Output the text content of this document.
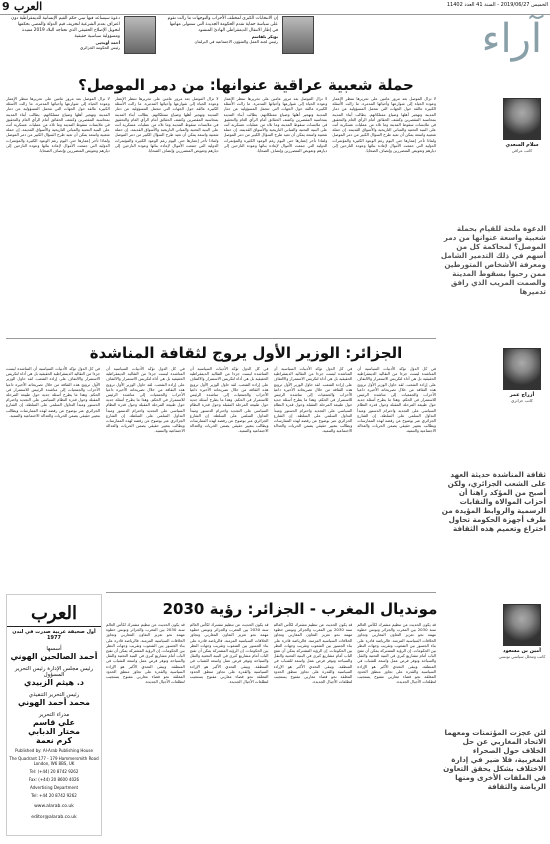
9 العرب	الخميس 2019/06/27 - السنة 41 العدد 11402
دعوة سيساعد فيها تبني حكم القيم الإنسانية للديمقراطية دون اعتراف بعدم الشرعية لتحريف قيم الدولة والمضي بحكمها لتحويل الإصلاح الحقيقي الذي تحتاجه البلاد 2019 مفيدة ومسؤولية سياسية حقيقية
أحمد أويحيى
رئيس الحكومة الجزائري
إن الانتخابات الكبرى لمختلف الأحزاب والتوجهات ما زالت تقوم على سياسة حماية تقدم الحكومة الجديدة التي ستتولى مهامها في إطار الانتقال الديمقراطي الهادئ المنشود
بوبكر بلقاسم
رئيس لجنة العمل والشؤون الاجتماعية في البرلمان	آراء
حملة شعبية عراقية عنوانها: من دمر الموصل؟
سلام السعدي
كاتب عراقي
الدعوة ملحة للقيام بحملة شعبية واسعة عنوانها من دمر الموصل؟ لمحاكمة كل من أسهم في ذلك التدمير الشامل ومعرفة الأشخاص المتورطين ممن رحبوا بسقوط المدينة والصمت المريب الذي رافق تدميرها
لا تزال الموصل بعد مرور عامين على تحريرها تنتظر الإعمار وعودة الحياة إلى شوارعها وأحيائها المدمرة. ما زالت الأسئلة الكبيرة عالقة حول الجهات التي تتحمل المسؤولية عن دمار المدينة وتهجير أهلها وضياع ممتلكاتهم. يطالب أبناء المدينة بمحاسبة المقصرين وكشف الحقائق أمام الرأي العام والتحقيق في ملابسات سقوط المدينة وما تلاه من عمليات عسكرية أتت على البنية التحتية والمباني التاريخية والأسواق القديمة. إن حملة شعبية واسعة يمكن أن تعيد طرح السؤال الكبير من دمر الموصل ولماذا تأخر إعمارها حتى اليوم رغم الوعود الكثيرة والمؤتمرات الدولية التي جمعت الأموال لإعادة بنائها وعودة النازحين إلى ديارهم وتعويض المتضررين وإنصاف الضحايا.
لا تزال الموصل بعد مرور عامين على تحريرها تنتظر الإعمار وعودة الحياة إلى شوارعها وأحيائها المدمرة. ما زالت الأسئلة الكبيرة عالقة حول الجهات التي تتحمل المسؤولية عن دمار المدينة وتهجير أهلها وضياع ممتلكاتهم. يطالب أبناء المدينة بمحاسبة المقصرين وكشف الحقائق أمام الرأي العام والتحقيق في ملابسات سقوط المدينة وما تلاه من عمليات عسكرية أتت على البنية التحتية والمباني التاريخية والأسواق القديمة. إن حملة شعبية واسعة يمكن أن تعيد طرح السؤال الكبير من دمر الموصل ولماذا تأخر إعمارها حتى اليوم رغم الوعود الكثيرة والمؤتمرات الدولية التي جمعت الأموال لإعادة بنائها وعودة النازحين إلى ديارهم وتعويض المتضررين وإنصاف الضحايا.
لا تزال الموصل بعد مرور عامين على تحريرها تنتظر الإعمار وعودة الحياة إلى شوارعها وأحيائها المدمرة. ما زالت الأسئلة الكبيرة عالقة حول الجهات التي تتحمل المسؤولية عن دمار المدينة وتهجير أهلها وضياع ممتلكاتهم. يطالب أبناء المدينة بمحاسبة المقصرين وكشف الحقائق أمام الرأي العام والتحقيق في ملابسات سقوط المدينة وما تلاه من عمليات عسكرية أتت على البنية التحتية والمباني التاريخية والأسواق القديمة. إن حملة شعبية واسعة يمكن أن تعيد طرح السؤال الكبير من دمر الموصل ولماذا تأخر إعمارها حتى اليوم رغم الوعود الكثيرة والمؤتمرات الدولية التي جمعت الأموال لإعادة بنائها وعودة النازحين إلى ديارهم وتعويض المتضررين وإنصاف الضحايا.
لا تزال الموصل بعد مرور عامين على تحريرها تنتظر الإعمار وعودة الحياة إلى شوارعها وأحيائها المدمرة. ما زالت الأسئلة الكبيرة عالقة حول الجهات التي تتحمل المسؤولية عن دمار المدينة وتهجير أهلها وضياع ممتلكاتهم. يطالب أبناء المدينة بمحاسبة المقصرين وكشف الحقائق أمام الرأي العام والتحقيق في ملابسات سقوط المدينة وما تلاه من عمليات عسكرية أتت على البنية التحتية والمباني التاريخية والأسواق القديمة. إن حملة شعبية واسعة يمكن أن تعيد طرح السؤال الكبير من دمر الموصل ولماذا تأخر إعمارها حتى اليوم رغم الوعود الكثيرة والمؤتمرات الدولية التي جمعت الأموال لإعادة بنائها وعودة النازحين إلى ديارهم وتعويض المتضررين وإنصاف الضحايا.
الجزائر: الوزير الأول يروج لثقافة المناشدة
أزراج عمر
كاتب جزائري
ثقافة المناشدة حديثة العهد على الشعب الجزائري، ولكن أصبح من المؤكد راهنا أن أحزاب الموالاة والنقابات الرسمية والروابط المؤيدة من طرف أجهزة الحكومة تحاول اختراع وتعميم هذه الثقافة
في كل الدول تؤكد الأدبيات السياسية أن المناشدة ليست جزءا من التقاليد الديمقراطية الحقيقية بل هي أداة لتكريس الاستمرار والالتفاف على إرادة الشعب. لقد حاول الوزير الأول ترويج هذه الثقافة من خلال تصريحاته الأخيرة داعيا الأحزاب والجمعيات إلى مناشدة الرئيس للاستمرار في الحكم. وهذا ما يطرح أسئلة جدية حول طبيعة المرحلة المقبلة وحول قدرة النظام السياسي على التجديد واحترام الدستور ومبدأ التداول السلمي على السلطة. إن الشارع الجزائري عبر بوضوح عن رفضه لهذه الممارسات ويطالب بتغيير حقيقي يضمن الحريات والعدالة الاجتماعية والتنمية.
في كل الدول تؤكد الأدبيات السياسية أن المناشدة ليست جزءا من التقاليد الديمقراطية الحقيقية بل هي أداة لتكريس الاستمرار والالتفاف على إرادة الشعب. لقد حاول الوزير الأول ترويج هذه الثقافة من خلال تصريحاته الأخيرة داعيا الأحزاب والجمعيات إلى مناشدة الرئيس للاستمرار في الحكم. وهذا ما يطرح أسئلة جدية حول طبيعة المرحلة المقبلة وحول قدرة النظام السياسي على التجديد واحترام الدستور ومبدأ التداول السلمي على السلطة. إن الشارع الجزائري عبر بوضوح عن رفضه لهذه الممارسات ويطالب بتغيير حقيقي يضمن الحريات والعدالة الاجتماعية والتنمية.
في كل الدول تؤكد الأدبيات السياسية أن المناشدة ليست جزءا من التقاليد الديمقراطية الحقيقية بل هي أداة لتكريس الاستمرار والالتفاف على إرادة الشعب. لقد حاول الوزير الأول ترويج هذه الثقافة من خلال تصريحاته الأخيرة داعيا الأحزاب والجمعيات إلى مناشدة الرئيس للاستمرار في الحكم. وهذا ما يطرح أسئلة جدية حول طبيعة المرحلة المقبلة وحول قدرة النظام السياسي على التجديد واحترام الدستور ومبدأ التداول السلمي على السلطة. إن الشارع الجزائري عبر بوضوح عن رفضه لهذه الممارسات ويطالب بتغيير حقيقي يضمن الحريات والعدالة الاجتماعية والتنمية.
في كل الدول تؤكد الأدبيات السياسية أن المناشدة ليست جزءا من التقاليد الديمقراطية الحقيقية بل هي أداة لتكريس الاستمرار والالتفاف على إرادة الشعب. لقد حاول الوزير الأول ترويج هذه الثقافة من خلال تصريحاته الأخيرة داعيا الأحزاب والجمعيات إلى مناشدة الرئيس للاستمرار في الحكم. وهذا ما يطرح أسئلة جدية حول طبيعة المرحلة المقبلة وحول قدرة النظام السياسي على التجديد واحترام الدستور ومبدأ التداول السلمي على السلطة. إن الشارع الجزائري عبر بوضوح عن رفضه لهذه الممارسات ويطالب بتغيير حقيقي يضمن الحريات والعدالة الاجتماعية والتنمية.
في كل الدول تؤكد الأدبيات السياسية أن المناشدة ليست جزءا من التقاليد الديمقراطية الحقيقية بل هي أداة لتكريس الاستمرار والالتفاف على إرادة الشعب. لقد حاول الوزير الأول ترويج هذه الثقافة من خلال تصريحاته الأخيرة داعيا الأحزاب والجمعيات إلى مناشدة الرئيس للاستمرار في الحكم. وهذا ما يطرح أسئلة جدية حول طبيعة المرحلة المقبلة وحول قدرة النظام السياسي على التجديد واحترام الدستور ومبدأ التداول السلمي على السلطة. إن الشارع الجزائري عبر بوضوح عن رفضه لهذه الممارسات ويطالب بتغيير حقيقي يضمن الحريات والعدالة الاجتماعية والتنمية.
مونديال المغرب - الجزائر: رؤية 2030
أمين بن مسعود
كاتب ومحلل سياسي تونسي
لئن عجزت المؤتمنات ومعهما الاتحاد المغاربي عن حل الخلاف حول الصحراء المغربية، فلا ضير في إدارة الاختلاف بشكل يحقق التعاون في الملفات الأخرى ومنها الرياضة والثقافة
قد يكون الحديث عن تنظيم مشترك لكأس العالم سنة 2030 بين المغرب والجزائر وتونس خطوة مهمة نحو تعزيز التعاون المغاربي وتجاوز الخلافات السياسية المزمنة. فالرياضة قادرة على بناء الجسور بين الشعوب وتقريب وجهات النظر بين الحكومات. إن الرؤية المشتركة يمكن أن تفتح الباب أمام مشاريع كبرى في البنية التحتية والنقل والسياحة وتوفر فرص عمل واسعة للشباب في المنطقة. ويبقى التحدي الأكبر هو الإرادة السياسية والقدرة على تجاوز منطق الحدود المغلقة نحو فضاء مغاربي مفتوح يستجيب لتطلعات الأجيال الجديدة.
قد يكون الحديث عن تنظيم مشترك لكأس العالم سنة 2030 بين المغرب والجزائر وتونس خطوة مهمة نحو تعزيز التعاون المغاربي وتجاوز الخلافات السياسية المزمنة. فالرياضة قادرة على بناء الجسور بين الشعوب وتقريب وجهات النظر بين الحكومات. إن الرؤية المشتركة يمكن أن تفتح الباب أمام مشاريع كبرى في البنية التحتية والنقل والسياحة وتوفر فرص عمل واسعة للشباب في المنطقة. ويبقى التحدي الأكبر هو الإرادة السياسية والقدرة على تجاوز منطق الحدود المغلقة نحو فضاء مغاربي مفتوح يستجيب لتطلعات الأجيال الجديدة.
قد يكون الحديث عن تنظيم مشترك لكأس العالم سنة 2030 بين المغرب والجزائر وتونس خطوة مهمة نحو تعزيز التعاون المغاربي وتجاوز الخلافات السياسية المزمنة. فالرياضة قادرة على بناء الجسور بين الشعوب وتقريب وجهات النظر بين الحكومات. إن الرؤية المشتركة يمكن أن تفتح الباب أمام مشاريع كبرى في البنية التحتية والنقل والسياحة وتوفر فرص عمل واسعة للشباب في المنطقة. ويبقى التحدي الأكبر هو الإرادة السياسية والقدرة على تجاوز منطق الحدود المغلقة نحو فضاء مغاربي مفتوح يستجيب لتطلعات الأجيال الجديدة.
قد يكون الحديث عن تنظيم مشترك لكأس العالم سنة 2030 بين المغرب والجزائر وتونس خطوة مهمة نحو تعزيز التعاون المغاربي وتجاوز الخلافات السياسية المزمنة. فالرياضة قادرة على بناء الجسور بين الشعوب وتقريب وجهات النظر بين الحكومات. إن الرؤية المشتركة يمكن أن تفتح الباب أمام مشاريع كبرى في البنية التحتية والنقل والسياحة وتوفر فرص عمل واسعة للشباب في المنطقة. ويبقى التحدي الأكبر هو الإرادة السياسية والقدرة على تجاوز منطق الحدود المغلقة نحو فضاء مغاربي مفتوح يستجيب لتطلعات الأجيال الجديدة.
العرب
أول صحيفة عربية صدرت في لندن 1977
أسسها
أحمد الصالحين الهوني
رئيس مجلس الإدارة رئيس التحرير المسؤول
د. هيثم الزبيدي
رئيس التحرير التنفيذي
محمد أحمد الهوني
مدراء التحرير
علي قاسم
مختار الدبابي
كرم نعمة
Published by: Al-Arab Publishing House
The Quadrant 177 - 179 Hammersmith Road London, W6 8BS, UK
Tel: (+44) 20 8742 9262
Fax: (+44) 20 8600 4026
Advertising Department
Tel: +44 20 8742 9262
www.alarab.co.uk
editor@alarab.co.uk
